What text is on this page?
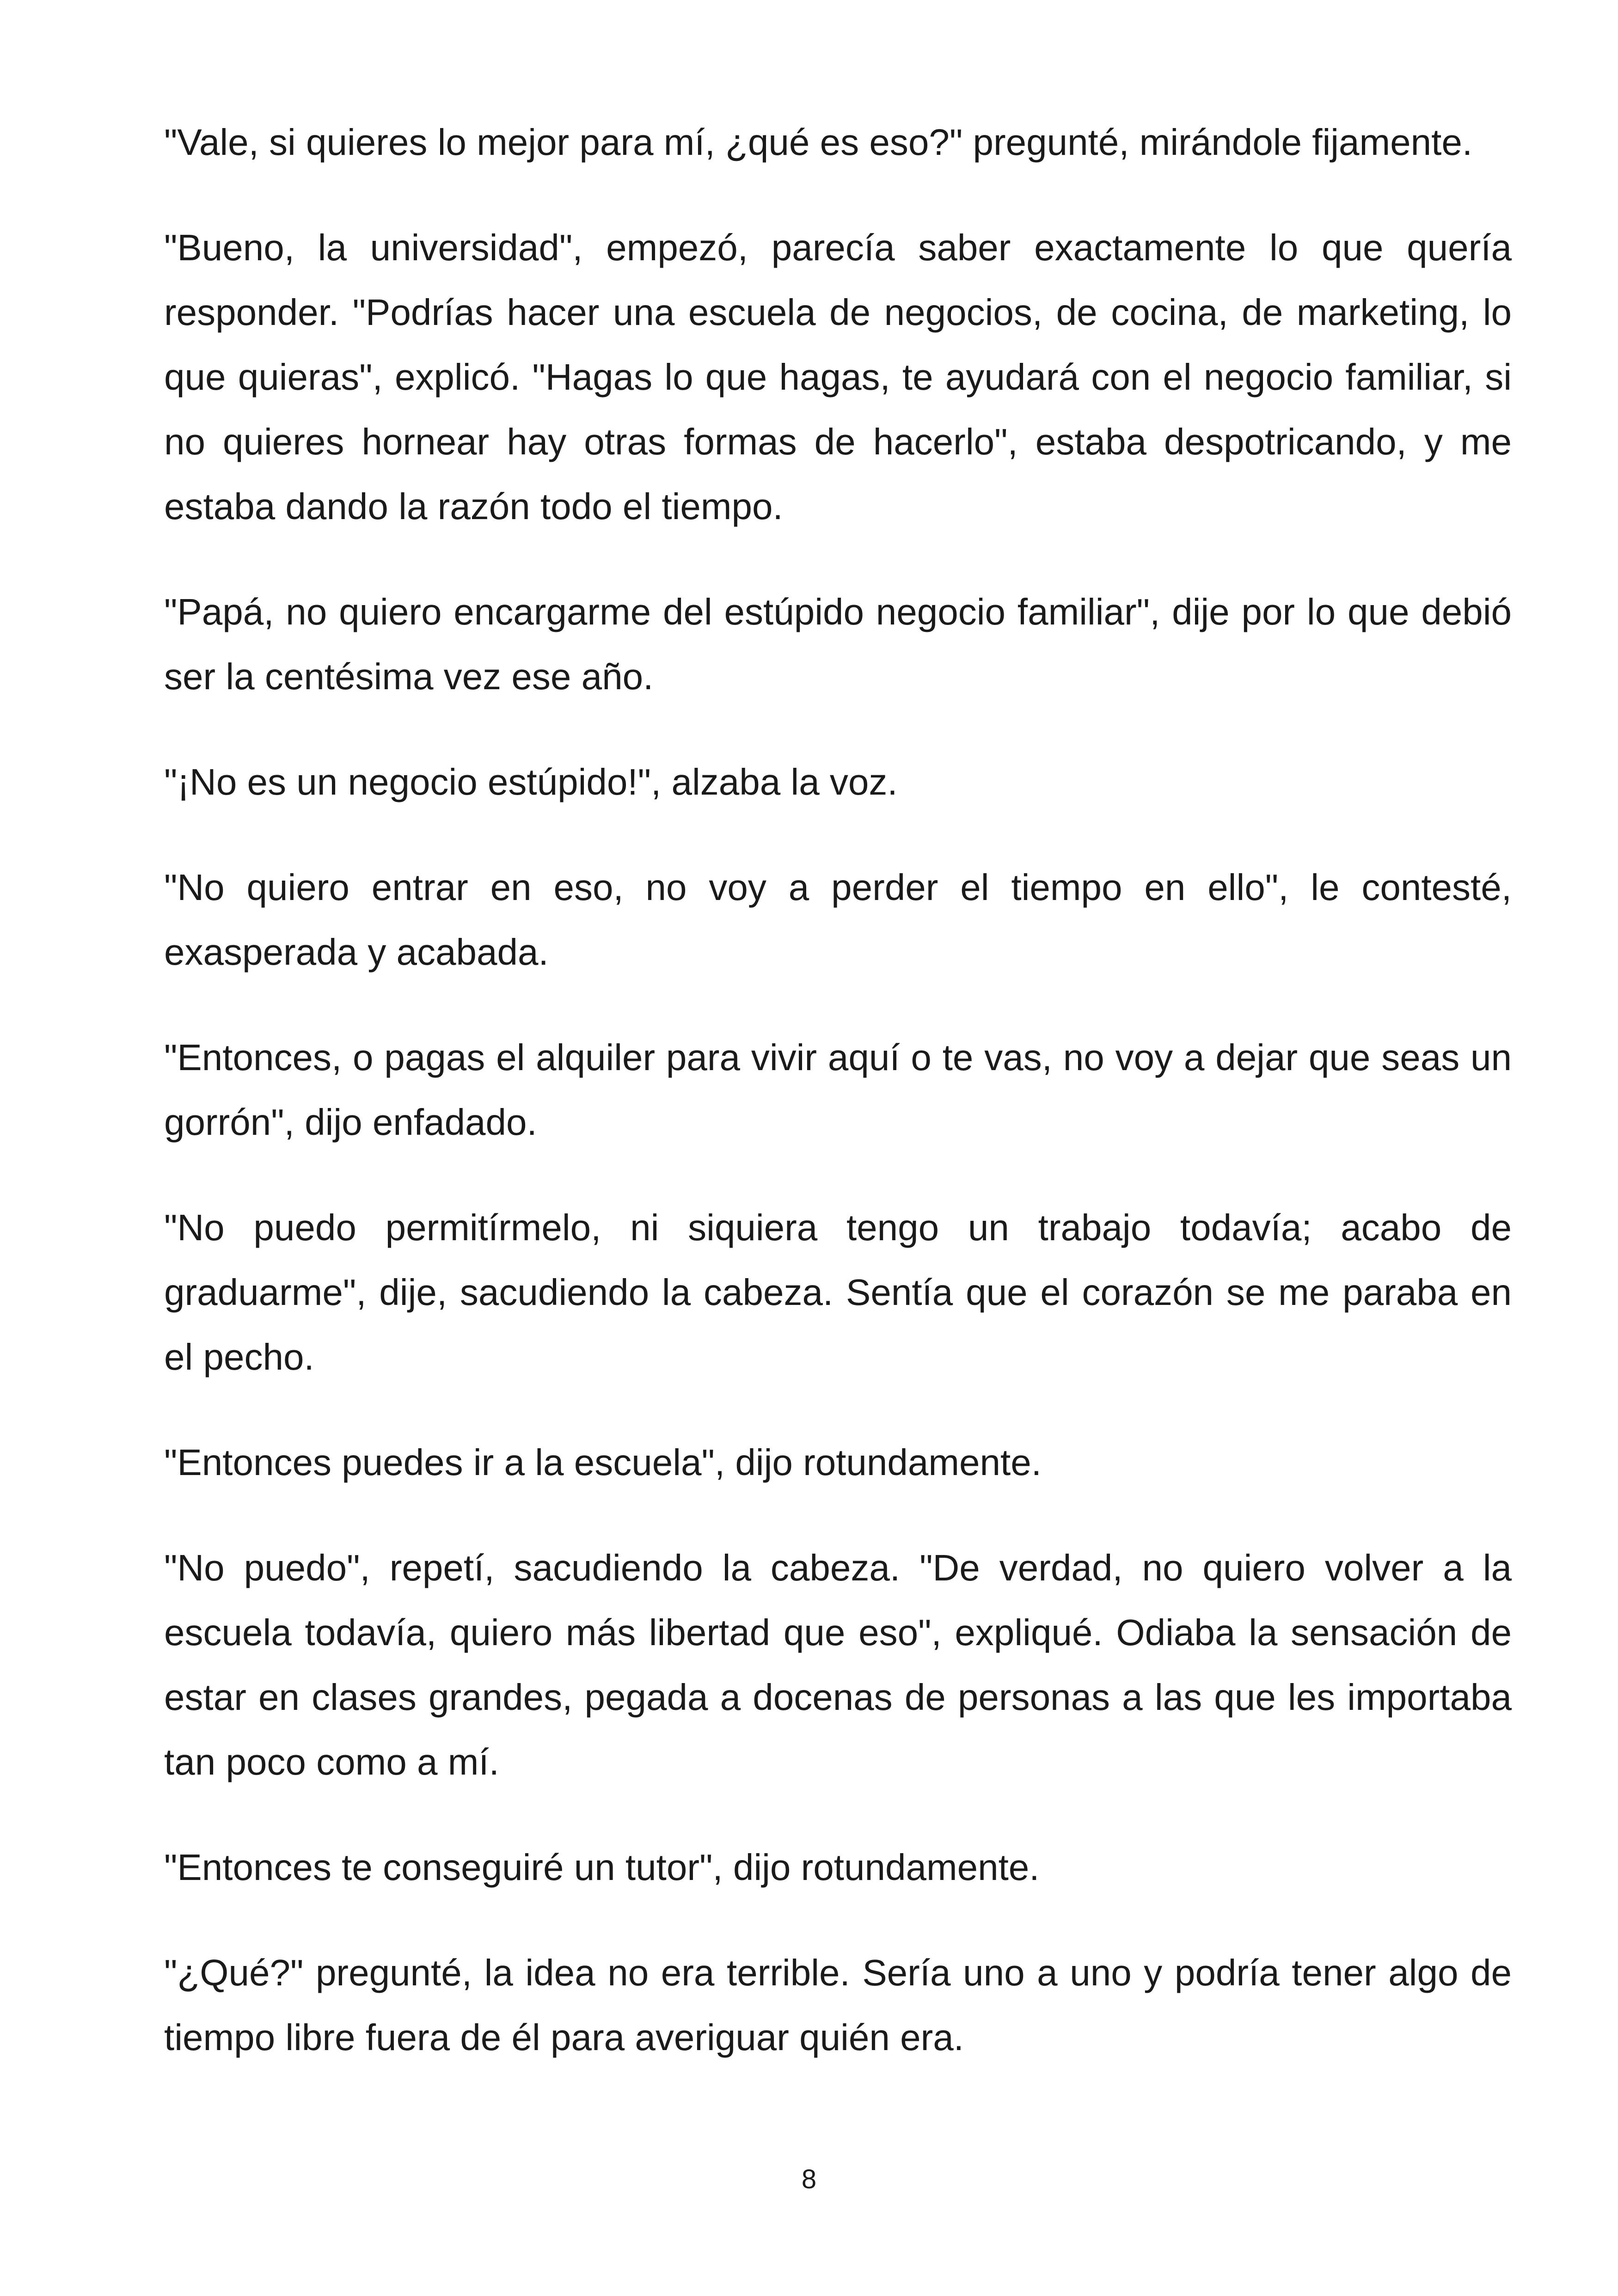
"Vale, si quieres lo mejor para mí, ¿qué es eso?" pregunté, mirándole fijamente.

"Bueno, la universidad", empezó, parecía saber exactamente lo que quería responder. "Podrías hacer una escuela de negocios, de cocina, de marketing, lo que quieras", explicó. "Hagas lo que hagas, te ayudará con el negocio familiar, si no quieres hornear hay otras formas de hacerlo", estaba despotricando, y me estaba dando la razón todo el tiempo.

"Papá, no quiero encargarme del estúpido negocio familiar", dije por lo que debió ser la centésima vez ese año.

"¡No es un negocio estúpido!", alzaba la voz.

"No quiero entrar en eso, no voy a perder el tiempo en ello", le contesté, exasperada y acabada.

"Entonces, o pagas el alquiler para vivir aquí o te vas, no voy a dejar que seas un gorrón", dijo enfadado.

"No puedo permitírmelo, ni siquiera tengo un trabajo todavía; acabo de graduarme", dije, sacudiendo la cabeza. Sentía que el corazón se me paraba en el pecho.

"Entonces puedes ir a la escuela", dijo rotundamente.

"No puedo", repetí, sacudiendo la cabeza. "De verdad, no quiero volver a la escuela todavía, quiero más libertad que eso", expliqué. Odiaba la sensación de estar en clases grandes, pegada a docenas de personas a las que les importaba tan poco como a mí.

"Entonces te conseguiré un tutor", dijo rotundamente.

"¿Qué?" pregunté, la idea no era terrible. Sería uno a uno y podría tener algo de tiempo libre fuera de él para averiguar quién era.

8
